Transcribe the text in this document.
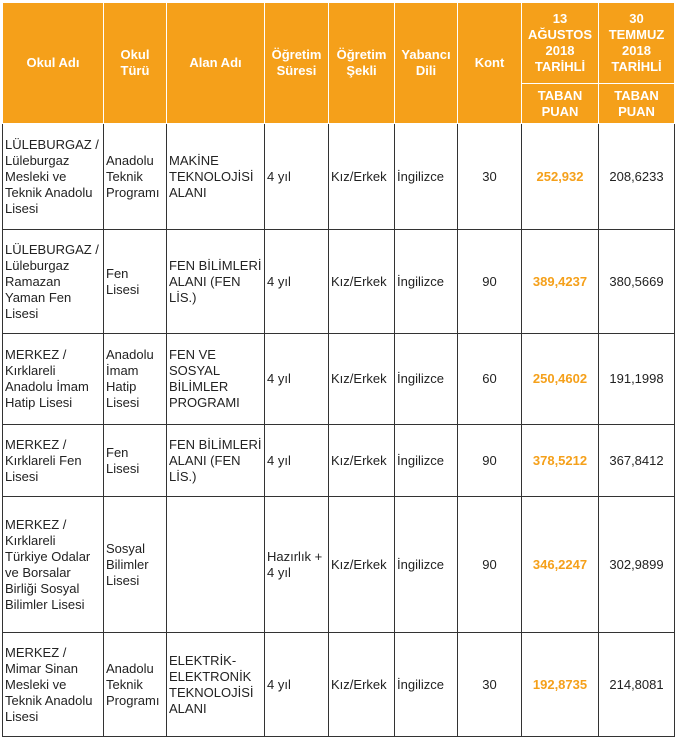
Okul Adı	Okul Türü	Alan Adı	Öğretim Süresi	Öğretim Şekli	Yabancı Dili	Kont	13 AĞUSTOS 2018 TARİHLİ	30 TEMMUZ 2018 TARİHLİ
							TABAN PUAN	TABAN PUAN
LÜLEBURGAZ / Lüleburgaz Mesleki ve Teknik Anadolu Lisesi	Anadolu Teknik Programı	MAKİNE TEKNOLOJİSİ ALANI	4 yıl	Kız/Erkek	İngilizce	30	252,932	208,6233
LÜLEBURGAZ / Lüleburgaz Ramazan Yaman Fen Lisesi	Fen Lisesi	FEN BİLİMLERİ ALANI (FEN LİS.)	4 yıl	Kız/Erkek	İngilizce	90	389,4237	380,5669
MERKEZ / Kırklareli Anadolu İmam Hatip Lisesi	Anadolu İmam Hatip Lisesi	FEN VE SOSYAL BİLİMLER PROGRAMI	4 yıl	Kız/Erkek	İngilizce	60	250,4602	191,1998
MERKEZ / Kırklareli Fen Lisesi	Fen Lisesi	FEN BİLİMLERİ ALANI (FEN LİS.)	4 yıl	Kız/Erkek	İngilizce	90	378,5212	367,8412
MERKEZ / Kırklareli Türkiye Odalar ve Borsalar Birliği Sosyal Bilimler Lisesi	Sosyal Bilimler Lisesi		Hazırlık + 4 yıl	Kız/Erkek	İngilizce	90	346,2247	302,9899
MERKEZ / Mimar Sinan Mesleki ve Teknik Anadolu Lisesi	Anadolu Teknik Programı	ELEKTRİK-ELEKTRONİK TEKNOLOJİSİ ALANI	4 yıl	Kız/Erkek	İngilizce	30	192,8735	214,8081
